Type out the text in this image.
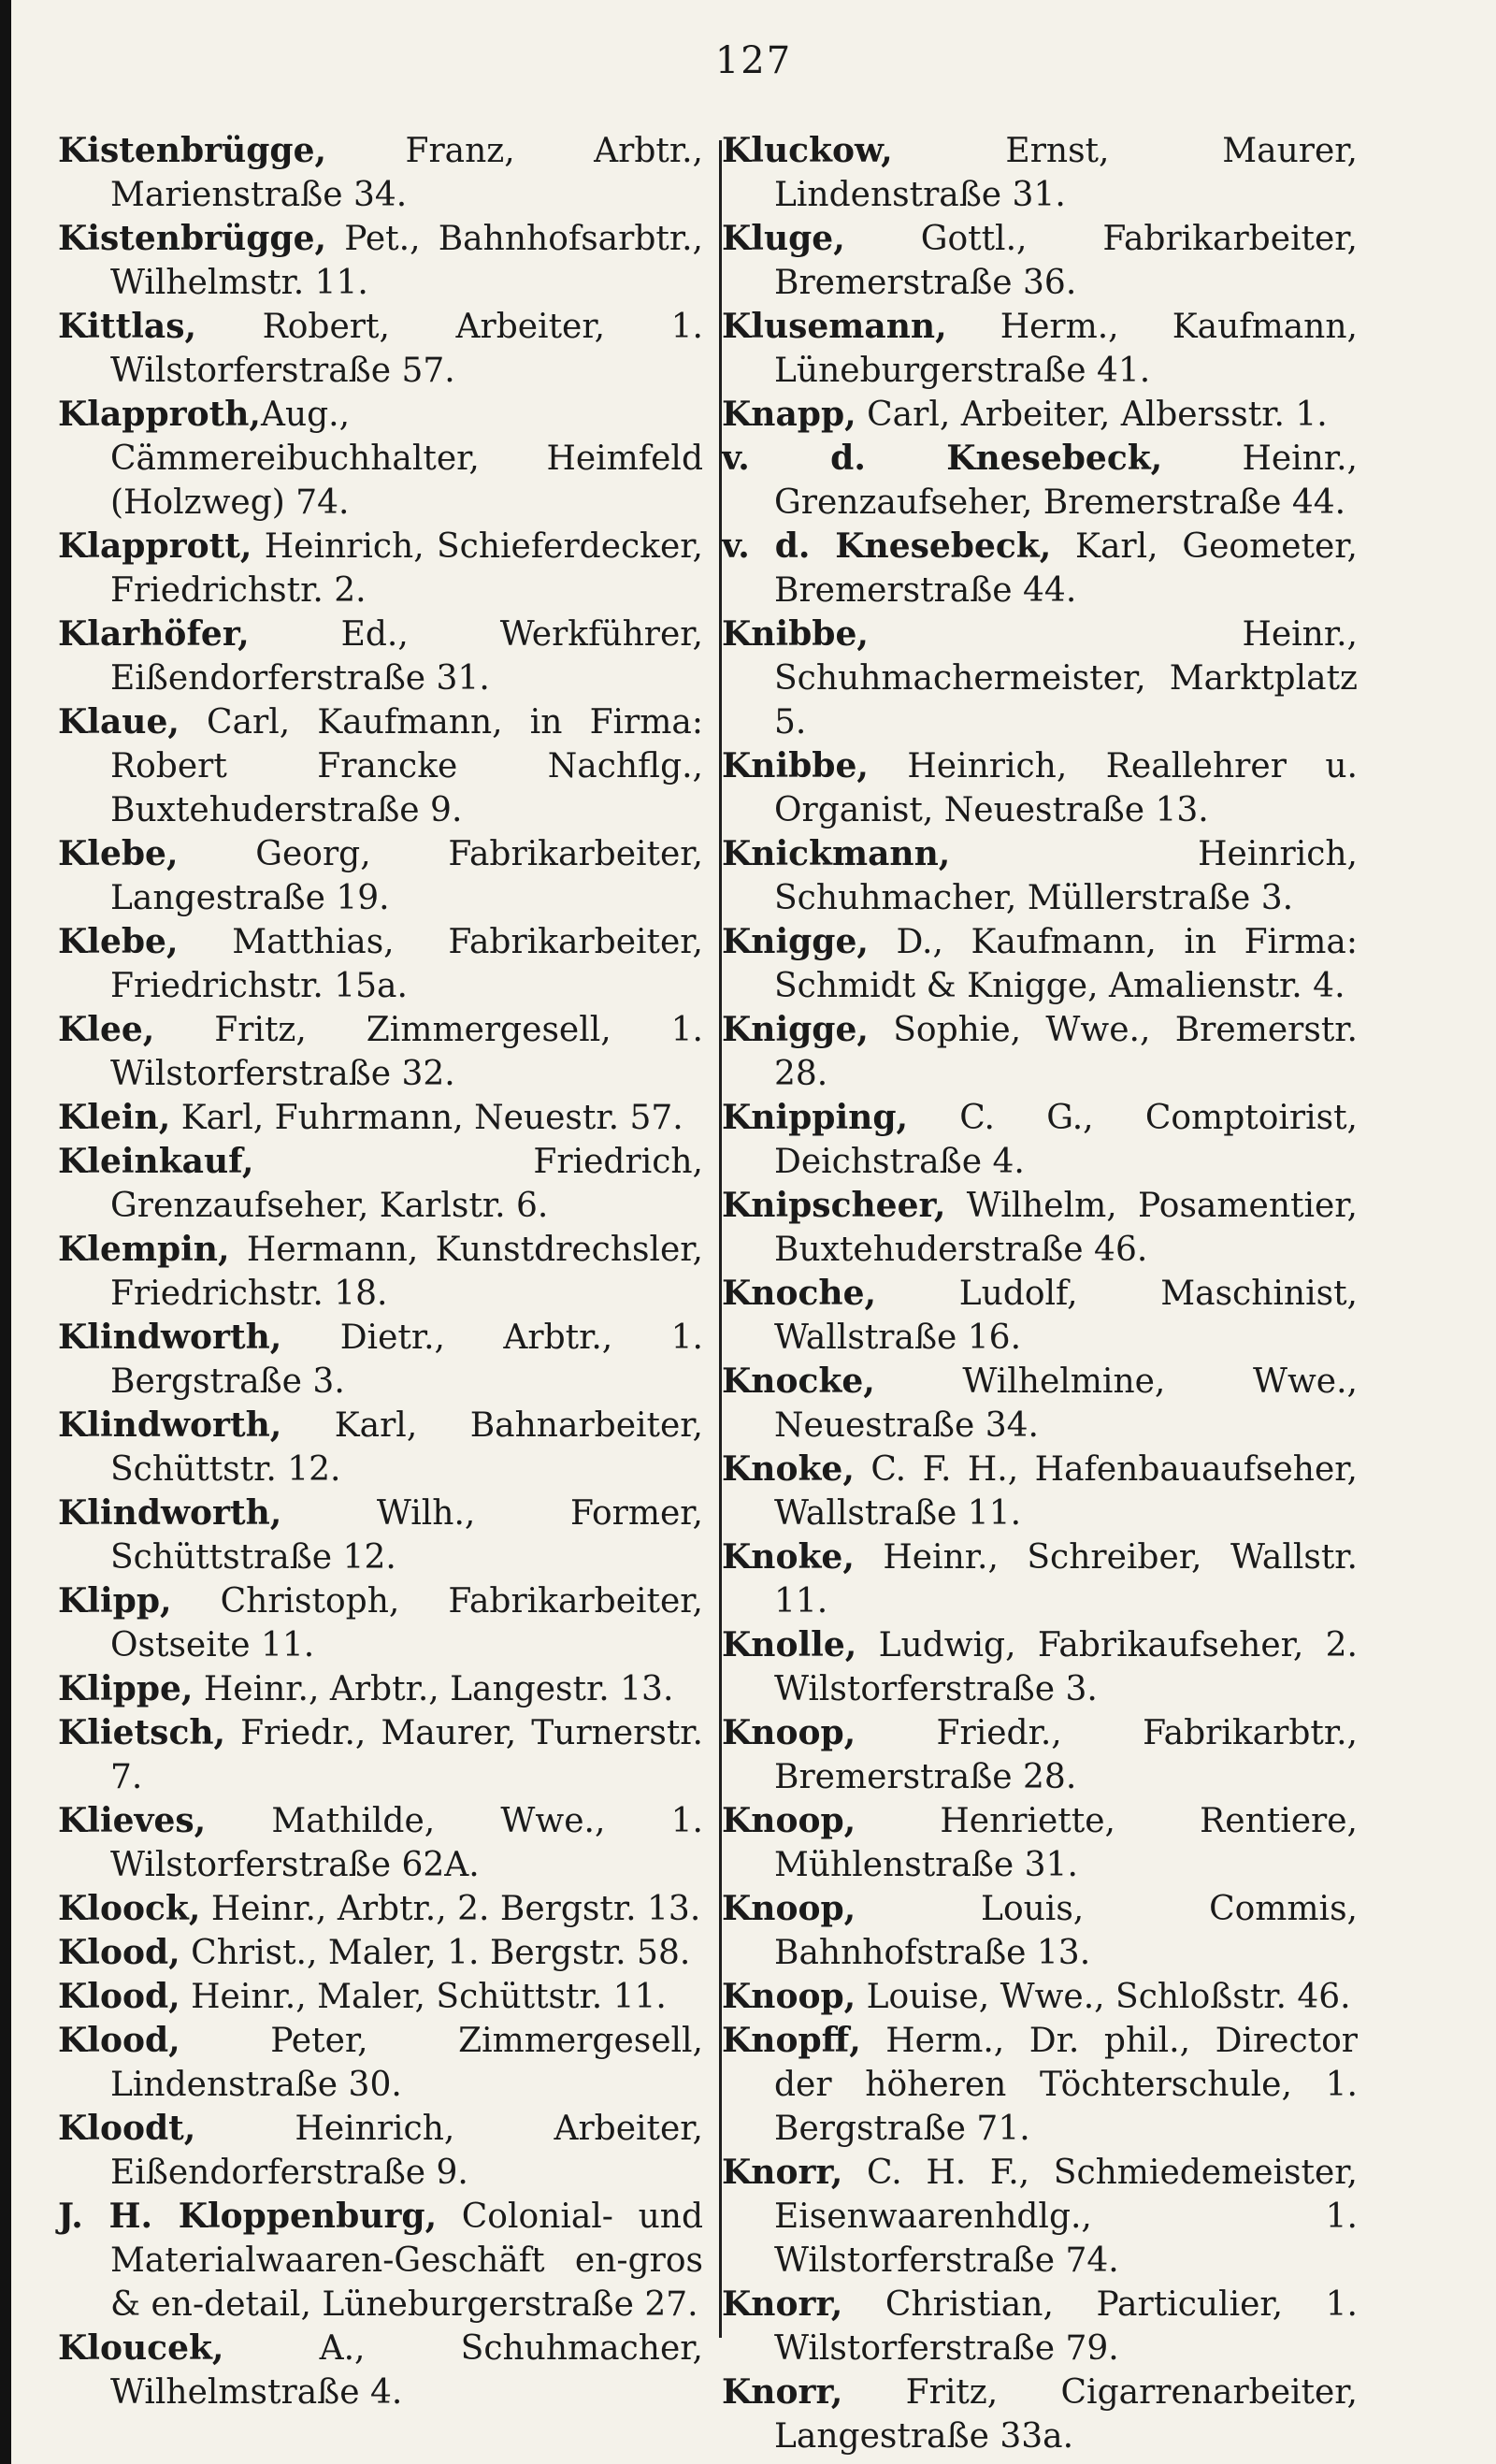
127
Kistenbrügge, Franz, Arbtr., Marienstraße 34.
Kistenbrügge, Pet., Bahnhofsarbtr., Wilhelmstr. 11.
Kittlas, Robert, Arbeiter, 1. Wilstorferstraße 57.
Klapproth,Aug., Cämmereibuchhalter, Heimfeld (Holzweg) 74.
Klapprott, Heinrich, Schieferdecker, Friedrichstr. 2.
Klarhöfer, Ed., Werkführer, Eißendorferstraße 31.
Klaue, Carl, Kaufmann, in Firma: Robert Francke Nachflg., Buxtehuderstraße 9.
Klebe, Georg, Fabrikarbeiter, Langestraße 19.
Klebe, Matthias, Fabrikarbeiter, Friedrichstr. 15a.
Klee, Fritz, Zimmergesell, 1. Wilstorferstraße 32.
Klein, Karl, Fuhrmann, Neuestr. 57.
Kleinkauf, Friedrich, Grenzaufseher, Karlstr. 6.
Klempin, Hermann, Kunstdrechsler, Friedrichstr. 18.
Klindworth, Dietr., Arbtr., 1. Bergstraße 3.
Klindworth, Karl, Bahnarbeiter, Schüttstr. 12.
Klindworth, Wilh., Former, Schüttstraße 12.
Klipp, Christoph, Fabrikarbeiter, Ostseite 11.
Klippe, Heinr., Arbtr., Langestr. 13.
Klietsch, Friedr., Maurer, Turnerstr. 7.
Klieves, Mathilde, Wwe., 1. Wilstorferstraße 62A.
Kloock, Heinr., Arbtr., 2. Bergstr. 13.
Klood, Christ., Maler, 1. Bergstr. 58.
Klood, Heinr., Maler, Schüttstr. 11.
Klood, Peter, Zimmergesell, Lindenstraße 30.
Kloodt, Heinrich, Arbeiter, Eißendorferstraße 9.
J. H. Kloppenburg, Colonial- und Materialwaaren-Geschäft en-gros & en-detail, Lüneburgerstraße 27.
Kloucek, A., Schuhmacher, Wilhelmstraße 4.
Kluckow, Ernst, Maurer, Lindenstraße 31.
Kluge, Gottl., Fabrikarbeiter, Bremerstraße 36.
Klusemann, Herm., Kaufmann, Lüneburgerstraße 41.
Knapp, Carl, Arbeiter, Albersstr. 1.
v. d. Knesebeck, Heinr., Grenzaufseher, Bremerstraße 44.
v. d. Knesebeck, Karl, Geometer, Bremerstraße 44.
Knibbe, Heinr., Schuhmachermeister, Marktplatz 5.
Knibbe, Heinrich, Reallehrer u. Organist, Neuestraße 13.
Knickmann, Heinrich, Schuhmacher, Müllerstraße 3.
Knigge, D., Kaufmann, in Firma: Schmidt & Knigge, Amalienstr. 4.
Knigge, Sophie, Wwe., Bremerstr. 28.
Knipping, C. G., Comptoirist, Deichstraße 4.
Knipscheer, Wilhelm, Posamentier, Buxtehuderstraße 46.
Knoche, Ludolf, Maschinist, Wallstraße 16.
Knocke, Wilhelmine, Wwe., Neuestraße 34.
Knoke, C. F. H., Hafenbauaufseher, Wallstraße 11.
Knoke, Heinr., Schreiber, Wallstr. 11.
Knolle, Ludwig, Fabrikaufseher, 2. Wilstorferstraße 3.
Knoop, Friedr., Fabrikarbtr., Bremerstraße 28.
Knoop, Henriette, Rentiere, Mühlenstraße 31.
Knoop, Louis, Commis, Bahnhofstraße 13.
Knoop, Louise, Wwe., Schloßstr. 46.
Knopff, Herm., Dr. phil., Director der höheren Töchterschule, 1. Bergstraße 71.
Knorr, C. H. F., Schmiedemeister, Eisenwaarenhdlg., 1. Wilstorferstraße 74.
Knorr, Christian, Particulier, 1. Wilstorferstraße 79.
Knorr, Fritz, Cigarrenarbeiter, Langestraße 33a.
